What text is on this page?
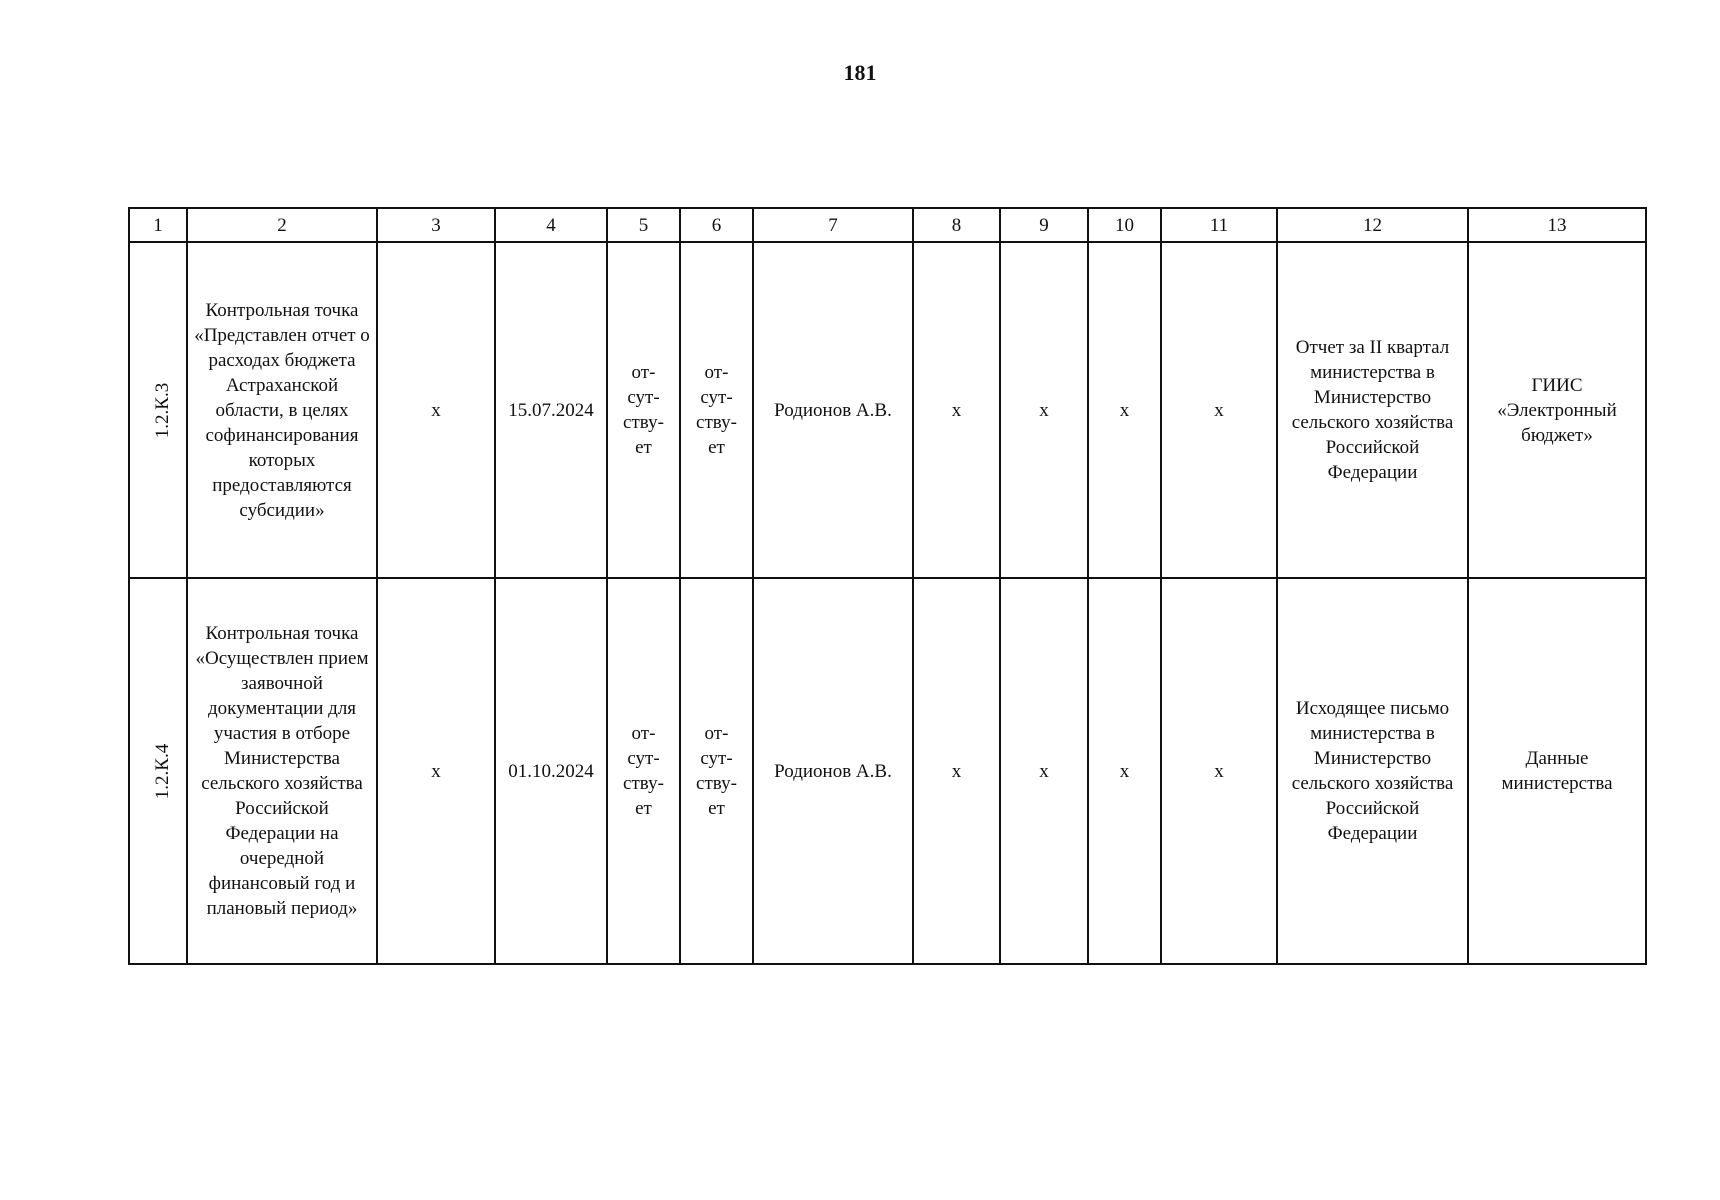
181
1	2	3	4	5	6	7	8	9	10	11	12	13
1.2.К.3	Контрольная точка «Представлен отчет о расходах бюджета Астраханской области, в целях софинансирования которых предоставляются субсидии»	х	15.07.2024	от-
сут-
ству-
ет	от-
сут-
ству-
ет	Родионов А.В.	х	х	х	х	Отчет за II квартал министерства в Министерство сельского хозяйства Российской Федерации	ГИИС «Электронный бюджет»
1.2.К.4	Контрольная точка «Осуществлен прием заявочной документации для участия в отборе Министерства сельского хозяйства Российской Федерации на очередной финансовый год и плановый период»	х	01.10.2024	от-
сут-
ству-
ет	от-
сут-
ству-
ет	Родионов А.В.	х	х	х	х	Исходящее письмо министерства в Министерство сельского хозяйства Российской Федерации	Данные министерства
